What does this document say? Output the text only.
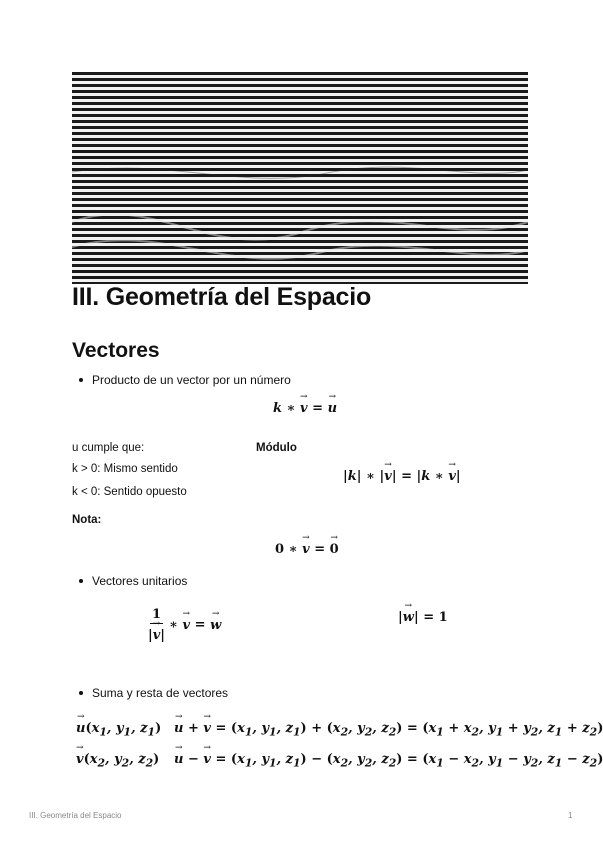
III. Geometría del Espacio
Vectores
Producto de un vector por un número
k ∗ → v = → u
u cumple que:	Módulo
k > 0: Mismo sentido
k < 0: Sentido opuesto
|k| ∗ |→ v| = |k ∗ → v|
Nota:
0 ∗ → v = → 0
Vectores unitarios
$\frac{1}{|\to v|}$ ∗ → v = → w	|→ w| = 1
Suma y resta de vectores
→ $u(x_1$, $y_1$, $z_1$)
→ u + → $v = (x_1$, $y_1$, $z_1) + (x_2$, $y_2$, $z_2) = (x_1 + x_2$, $y_1 + y_2$, $z_1 + z_2$)
→ $v(x_2$, $y_2$, $z_2$)
→ u − → $v = (x_1$, $y_1$, $z_1) - (x_2$, $y_2$, $z_2) = (x_1 - x_2$, $y_1 - y_2$, $z_1 - z_2$)
III. Geometría del Espacio	1
